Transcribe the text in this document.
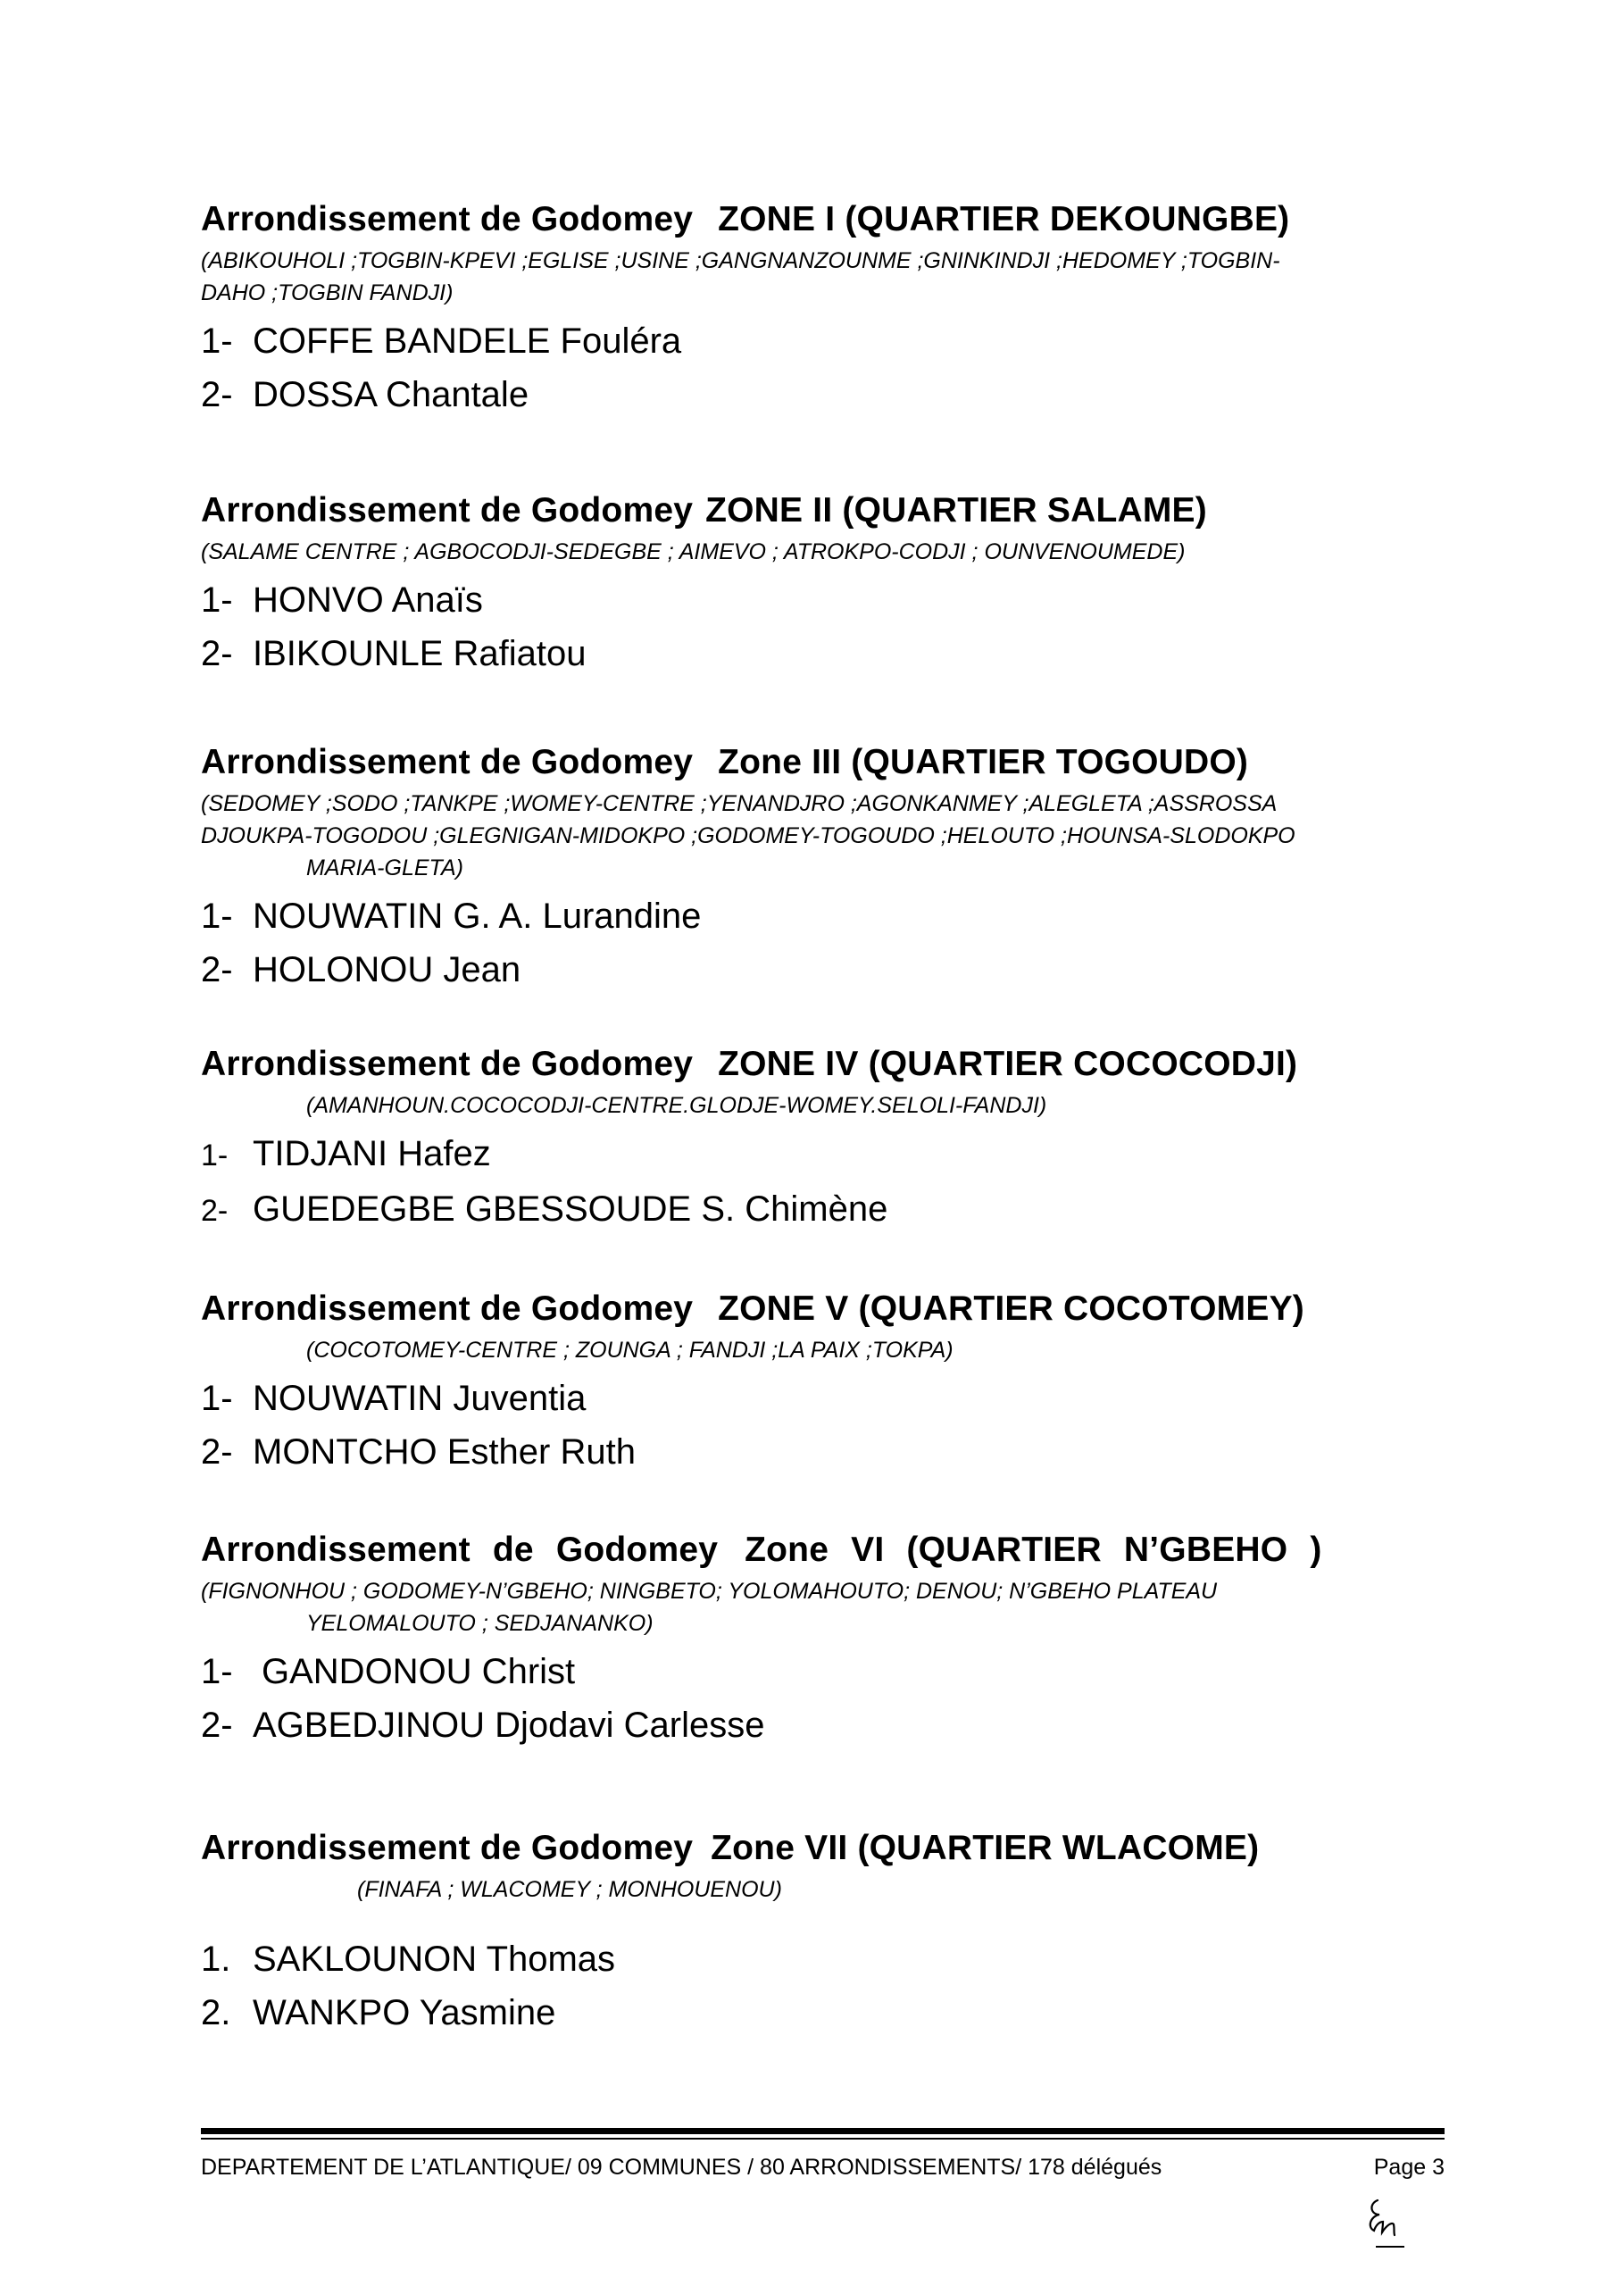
Arrondissement de Godomey ZONE I (QUARTIER DEKOUNGBE)

(ABIKOUHOLI ;TOGBIN-KPEVI ;EGLISE ;USINE ;GANGNANZOUNME ;GNINKINDJI ;HEDOMEY ;TOGBIN-
DAHO ;TOGBIN FANDJI)
1- COFFE BANDELE Fouléra
2- DOSSA Chantale

Arrondissement de Godomey ZONE II (QUARTIER SALAME)

(SALAME CENTRE ; AGBOCODJI-SEDEGBE ; AIMEVO ; ATROKPO-CODJI ; OUNVENOUMEDE)
1- HONVO Anaïs
2- IBIKOUNLE Rafiatou

Arrondissement de Godomey Zone III (QUARTIER TOGOUDO)

(SEDOMEY ;SODO ;TANKPE ;WOMEY-CENTRE ;YENANDJRO ;AGONKANMEY ;ALEGLETA ;ASSROSSA
DJOUKPA-TOGODOU ;GLEGNIGAN-MIDOKPO ;GODOMEY-TOGOUDO ;HELOUTO ;HOUNSA-SLODOKPO
MARIA-GLETA)
1- NOUWATIN G. A. Lurandine
2- HOLONOU Jean

Arrondissement de Godomey ZONE IV (QUARTIER COCOCODJI)

(AMANHOUN.COCOCODJI-CENTRE.GLODJE-WOMEY.SELOLI-FANDJI)
1- TIDJANI Hafez
2- GUEDEGBE GBESSOUDE S. Chimène

Arrondissement de Godomey ZONE V (QUARTIER COCOTOMEY)

(COCOTOMEY-CENTRE ; ZOUNGA ; FANDJI ;LA PAIX ;TOKPA)
1- NOUWATIN Juventia
2- MONTCHO Esther Ruth

Arrondissement de Godomey Zone VI (QUARTIER N’GBEHO )

(FIGNONHOU ; GODOMEY-N’GBEHO; NINGBETO; YOLOMAHOUTO; DENOU; N’GBEHO PLATEAU
YELOMALOUTO ; SEDJANANKO)
1- GANDONOU Christ
2- AGBEDJINOU Djodavi Carlesse

Arrondissement de Godomey Zone VII (QUARTIER WLACOME)

(FINAFA ; WLACOMEY ; MONHOUENOU)
1. SAKLOUNON Thomas
2. WANKPO Yasmine
DEPARTEMENT DE L’ATLANTIQUE/ 09 COMMUNES / 80 ARRONDISSEMENTS/ 178 délégués	Page 3
